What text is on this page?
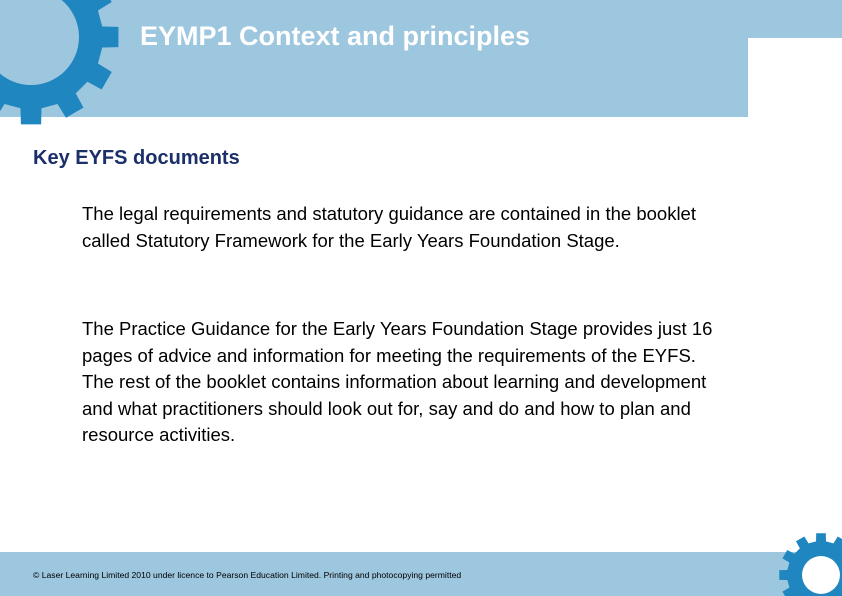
EYMP1 Context and principles
Key EYFS documents

The legal requirements and statutory guidance are contained in the booklet called Statutory Framework for the Early Years Foundation Stage.

The Practice Guidance for the Early Years Foundation Stage provides just 16 pages of advice and information for meeting the requirements of the EYFS. The rest of the booklet contains information about learning and development and what practitioners should look out for, say and do and how to plan and resource activities.

© Laser Learning Limited 2010 under licence to Pearson Education Limited. Printing and photocopying permitted
